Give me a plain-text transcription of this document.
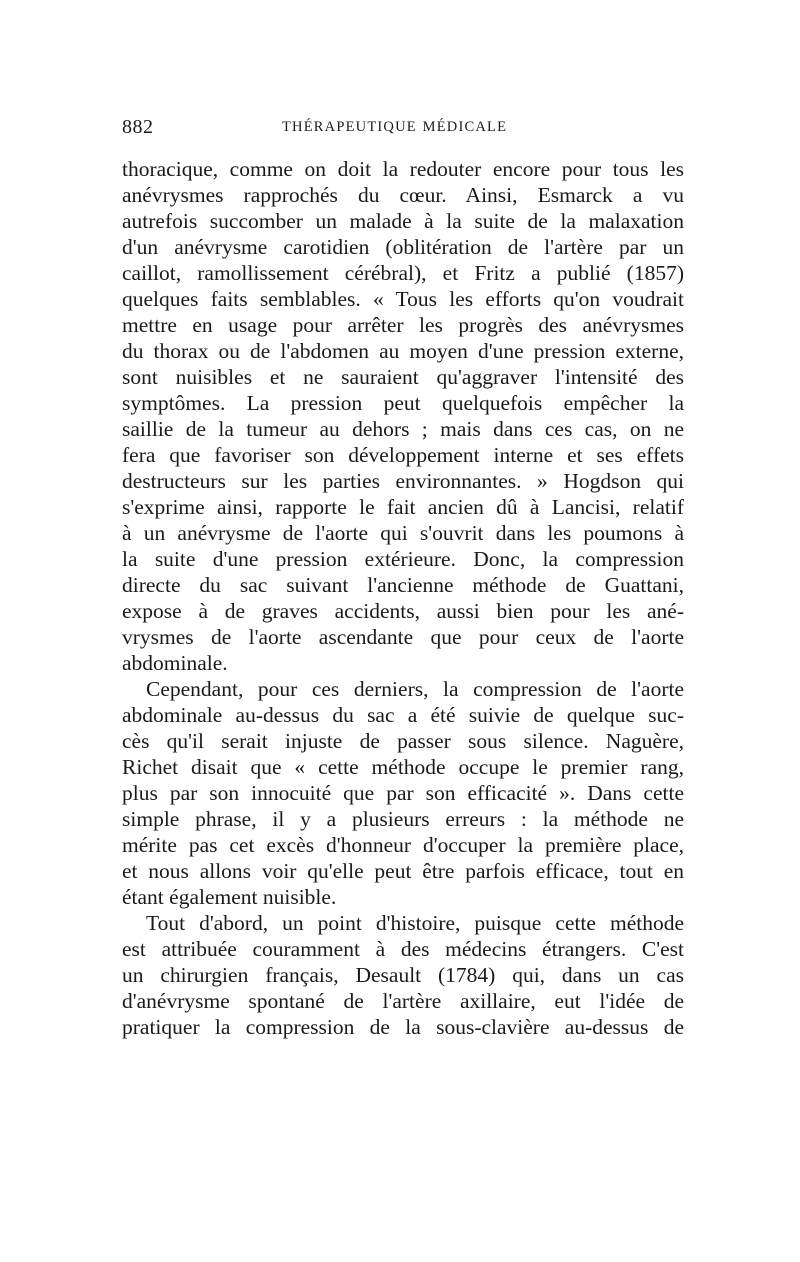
882	THÉRAPEUTIQUE MÉDICALE
thoracique, comme on doit la redouter encore pour tous les
anévrysmes rapprochés du cœur. Ainsi, Esmarck a vu
autrefois succomber un malade à la suite de la malaxation
d'un anévrysme carotidien (oblitération de l'artère par un
caillot, ramollissement cérébral), et Fritz a publié (1857)
quelques faits semblables. « Tous les efforts qu'on voudrait
mettre en usage pour arrêter les progrès des anévrysmes
du thorax ou de l'abdomen au moyen d'une pression externe,
sont nuisibles et ne sauraient qu'aggraver l'intensité des
symptômes. La pression peut quelquefois empêcher la
saillie de la tumeur au dehors ; mais dans ces cas, on ne
fera que favoriser son développement interne et ses effets
destructeurs sur les parties environnantes. » Hogdson qui
s'exprime ainsi, rapporte le fait ancien dû à Lancisi, relatif
à un anévrysme de l'aorte qui s'ouvrit dans les poumons à
la suite d'une pression extérieure. Donc, la compression
directe du sac suivant l'ancienne méthode de Guattani,
expose à de graves accidents, aussi bien pour les ané-
vrysmes de l'aorte ascendante que pour ceux de l'aorte
abdominale.
Cependant, pour ces derniers, la compression de l'aorte
abdominale au-dessus du sac a été suivie de quelque suc-
cès qu'il serait injuste de passer sous silence. Naguère,
Richet disait que « cette méthode occupe le premier rang,
plus par son innocuité que par son efficacité ». Dans cette
simple phrase, il y a plusieurs erreurs : la méthode ne
mérite pas cet excès d'honneur d'occuper la première place,
et nous allons voir qu'elle peut être parfois efficace, tout en
étant également nuisible.
Tout d'abord, un point d'histoire, puisque cette méthode
est attribuée couramment à des médecins étrangers. C'est
un chirurgien français, Desault (1784) qui, dans un cas
d'anévrysme spontané de l'artère axillaire, eut l'idée de
pratiquer la compression de la sous-clavière au-dessus de
